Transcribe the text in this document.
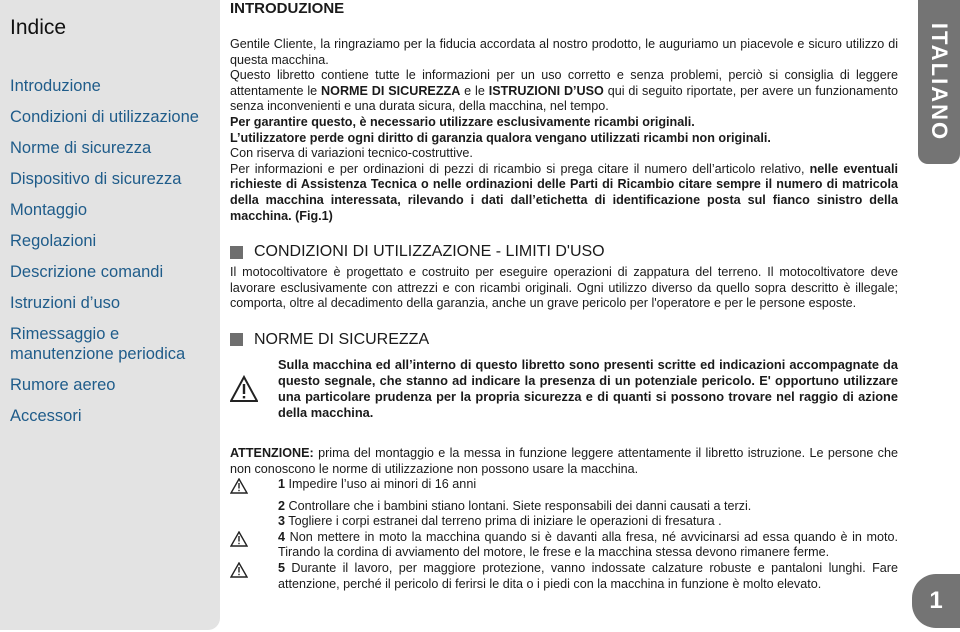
Indice
Introduzione
Condizioni di utilizzazione
Norme di sicurezza
Dispositivo di sicurezza
Montaggio
Regolazioni
Descrizione comandi
Istruzioni d’uso
Rimessaggio e manutenzione periodica
Rumore aereo
Accessori
ITALIANO
1
INTRODUZIONE

Gentile Cliente, la ringraziamo per la fiducia accordata al nostro prodotto, le auguriamo un piacevole e sicuro utilizzo di questa macchina.

Questo libretto contiene tutte le informazioni per un uso corretto e senza problemi, perciò si consiglia di leggere attentamente le NORME DI SICUREZZA e le ISTRUZIONI D’USO qui di seguito riportate, per avere un funzionamento senza inconvenienti e una durata sicura, della macchina, nel tempo.

Per garantire questo, è necessario utilizzare esclusivamente ricambi originali.

L’utilizzatore perde ogni diritto di garanzia qualora vengano utilizzati ricambi non originali.

Con riserva di variazioni tecnico-costruttive.

Per informazioni e per ordinazioni di pezzi di ricambio si prega citare il numero dell’articolo relativo, nelle eventuali richieste di Assistenza Tecnica o nelle ordinazioni delle Parti di Ricambio citare sempre il numero di matricola della macchina interessata, rilevando i dati dall’etichetta di identificazione posta sul fianco sinistro della macchina. (Fig.1)

CONDIZIONI DI UTILIZZAZIONE - LIMITI D'USO

Il motocoltivatore è progettato e costruito per eseguire operazioni di zappatura del terreno. Il motocoltivatore deve lavorare esclusivamente con attrezzi e con ricambi originali. Ogni utilizzo diverso da quello sopra descritto è illegale; comporta, oltre al decadimento della garanzia, anche un grave pericolo per l'operatore e per le persone esposte.

NORME DI SICUREZZA
Sulla macchina ed all’interno di questo libretto sono presenti scritte ed indicazioni accompagnate da questo segnale, che stanno ad indicare la presenza di un potenziale pericolo. E' opportuno utilizzare una particolare prudenza per la propria sicurezza e di quanti si possono trovare nel raggio di azione della macchina.

ATTENZIONE: prima del montaggio e la messa in funzione leggere attentamente il libretto istruzione. Le persone che non conoscono le norme di utilizzazione non possono usare la macchina.

1 Impedire l’uso ai minori di 16 anni
2 Controllare che i bambini stiano lontani. Siete responsabili dei danni causati a terzi.
3 Togliere i corpi estranei dal terreno prima di iniziare le operazioni di fresatura .
4 Non mettere in moto la macchina quando si è davanti alla fresa, né avvicinarsi ad essa quando è in moto. Tirando la cordina di avviamento del motore, le frese e la macchina stessa devono rimanere ferme.
5 Durante il lavoro, per maggiore protezione, vanno indossate calzature robuste e pantaloni lunghi. Fare attenzione, perché il pericolo di ferirsi le dita o i piedi con la macchina in funzione è molto elevato.
